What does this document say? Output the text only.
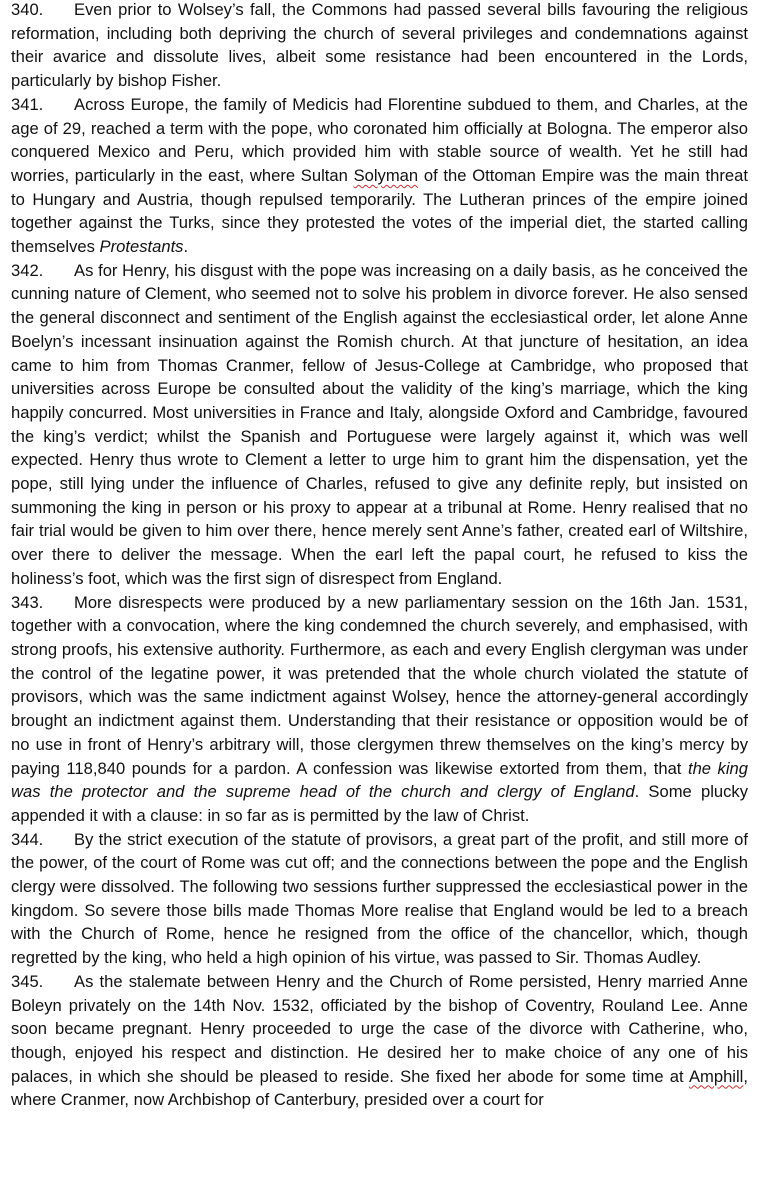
340. Even prior to Wolsey’s fall, the Commons had passed several bills favouring the religious reformation, including both depriving the church of several privileges and condemnations against their avarice and dissolute lives, albeit some resistance had been encountered in the Lords, particularly by bishop Fisher.

341. Across Europe, the family of Medicis had Florentine subdued to them, and Charles, at the age of 29, reached a term with the pope, who coronated him officially at Bologna. The emperor also conquered Mexico and Peru, which provided him with stable source of wealth. Yet he still had worries, particularly in the east, where Sultan Solyman of the Ottoman Empire was the main threat to Hungary and Austria, though repulsed temporarily. The Lutheran princes of the empire joined together against the Turks, since they protested the votes of the imperial diet, the started calling themselves Protestants.

342. As for Henry, his disgust with the pope was increasing on a daily basis, as he conceived the cunning nature of Clement, who seemed not to solve his problem in divorce forever. He also sensed the general disconnect and sentiment of the English against the ecclesiastical order, let alone Anne Boelyn’s incessant insinuation against the Romish church. At that juncture of hesitation, an idea came to him from Thomas Cranmer, fellow of Jesus-College at Cambridge, who proposed that universities across Europe be consulted about the validity of the king’s marriage, which the king happily concurred. Most universities in France and Italy, alongside Oxford and Cambridge, favoured the king’s verdict; whilst the Spanish and Portuguese were largely against it, which was well expected. Henry thus wrote to Clement a letter to urge him to grant him the dispensation, yet the pope, still lying under the influence of Charles, refused to give any definite reply, but insisted on summoning the king in person or his proxy to appear at a tribunal at Rome. Henry realised that no fair trial would be given to him over there, hence merely sent Anne’s father, created earl of Wiltshire, over there to deliver the message. When the earl left the papal court, he refused to kiss the holiness’s foot, which was the first sign of disrespect from England.

343. More disrespects were produced by a new parliamentary session on the 16th Jan. 1531, together with a convocation, where the king condemned the church severely, and emphasised, with strong proofs, his extensive authority. Furthermore, as each and every English clergyman was under the control of the legatine power, it was pretended that the whole church violated the statute of provisors, which was the same indictment against Wolsey, hence the attorney-general accordingly brought an indictment against them. Understanding that their resistance or opposition would be of no use in front of Henry’s arbitrary will, those clergymen threw themselves on the king’s mercy by paying 118,840 pounds for a pardon. A confession was likewise extorted from them, that the king was the protector and the supreme head of the church and clergy of England. Some plucky appended it with a clause: in so far as is permitted by the law of Christ.

344. By the strict execution of the statute of provisors, a great part of the profit, and still more of the power, of the court of Rome was cut off; and the connections between the pope and the English clergy were dissolved. The following two sessions further suppressed the ecclesiastical power in the kingdom. So severe those bills made Thomas More realise that England would be led to a breach with the Church of Rome, hence he resigned from the office of the chancellor, which, though regretted by the king, who held a high opinion of his virtue, was passed to Sir. Thomas Audley.

345. As the stalemate between Henry and the Church of Rome persisted, Henry married Anne Boleyn privately on the 14th Nov. 1532, officiated by the bishop of Coventry, Rouland Lee. Anne soon became pregnant. Henry proceeded to urge the case of the divorce with Catherine, who, though, enjoyed his respect and distinction. He desired her to make choice of any one of his palaces, in which she should be pleased to reside. She fixed her abode for some time at Amphill, where Cranmer, now Archbishop of Canterbury, presided over a court for
